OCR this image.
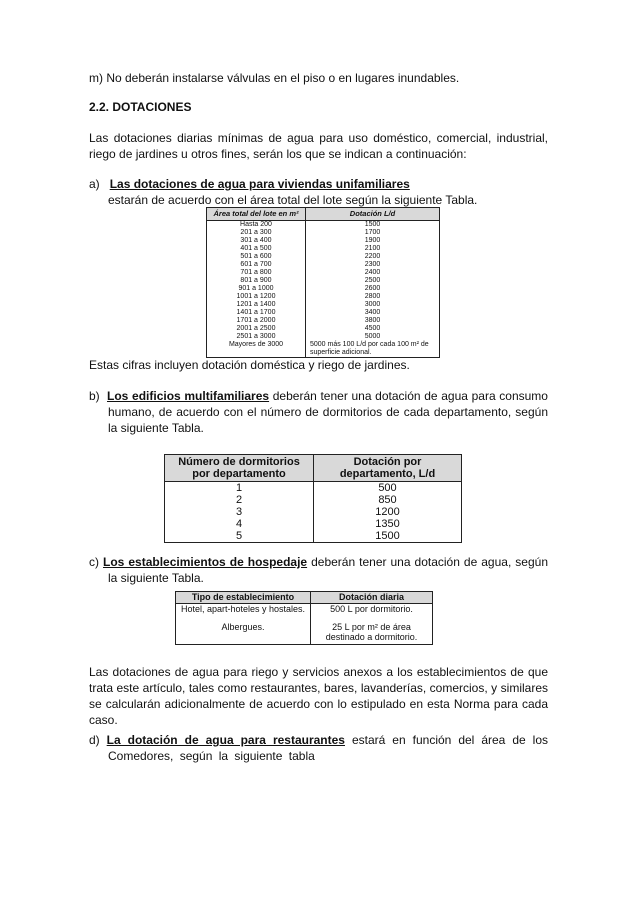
m) No deberán instalarse válvulas en el piso o en lugares inundables.

2.2. DOTACIONES

Las dotaciones diarias mínimas de agua para uso doméstico, comercial, industrial, riego de jardines u otros fines, serán los que se indican a continuación:

a) Las dotaciones de agua para viviendas unifamiliares
estarán de acuerdo con el área total del lote según la siguiente Tabla.
Área total del lote en m²	Dotación L/d
Hasta 200	1500
201 a 300	1700
301 a 400	1900
401 a 500	2100
501 a 600	2200
601 a 700	2300
701 a 800	2400
801 a 900	2500
901 a 1000	2600
1001 a 1200	2800
1201 a 1400	3000
1401 a 1700	3400
1701 a 2000	3800
2001 a 2500	4500
2501 a 3000	5000
Mayores de 3000	5000 más 100 L/d por cada 100 m² de superficie adicional.

Estas cifras incluyen dotación doméstica y riego de jardines.

b) Los edificios multifamiliares deberán tener una dotación de agua para consumo humano, de acuerdo con el número de dormitorios de cada departamento, según la siguiente Tabla.
Número de dormitorios por departamento	Dotación por departamento, L/d
1	500
2	850
3	1200
4	1350
5	1500
c) Los establecimientos de hospedaje deberán tener una dotación de agua, según la siguiente Tabla.
Tipo de establecimiento	Dotación diaria
Hotel, apart-hoteles y hostales.	500 L por dormitorio.
Albergues.	25 L por m² de área destinado a dormitorio.

Las dotaciones de agua para riego y servicios anexos a los establecimientos de que trata este artículo, tales como restaurantes, bares, lavanderías, comercios, y similares se calcularán adicionalmente de acuerdo con lo estipulado en esta Norma para cada caso.

d) La dotación de agua para restaurantes estará en función del área de los Comedores, según la siguiente tabla
